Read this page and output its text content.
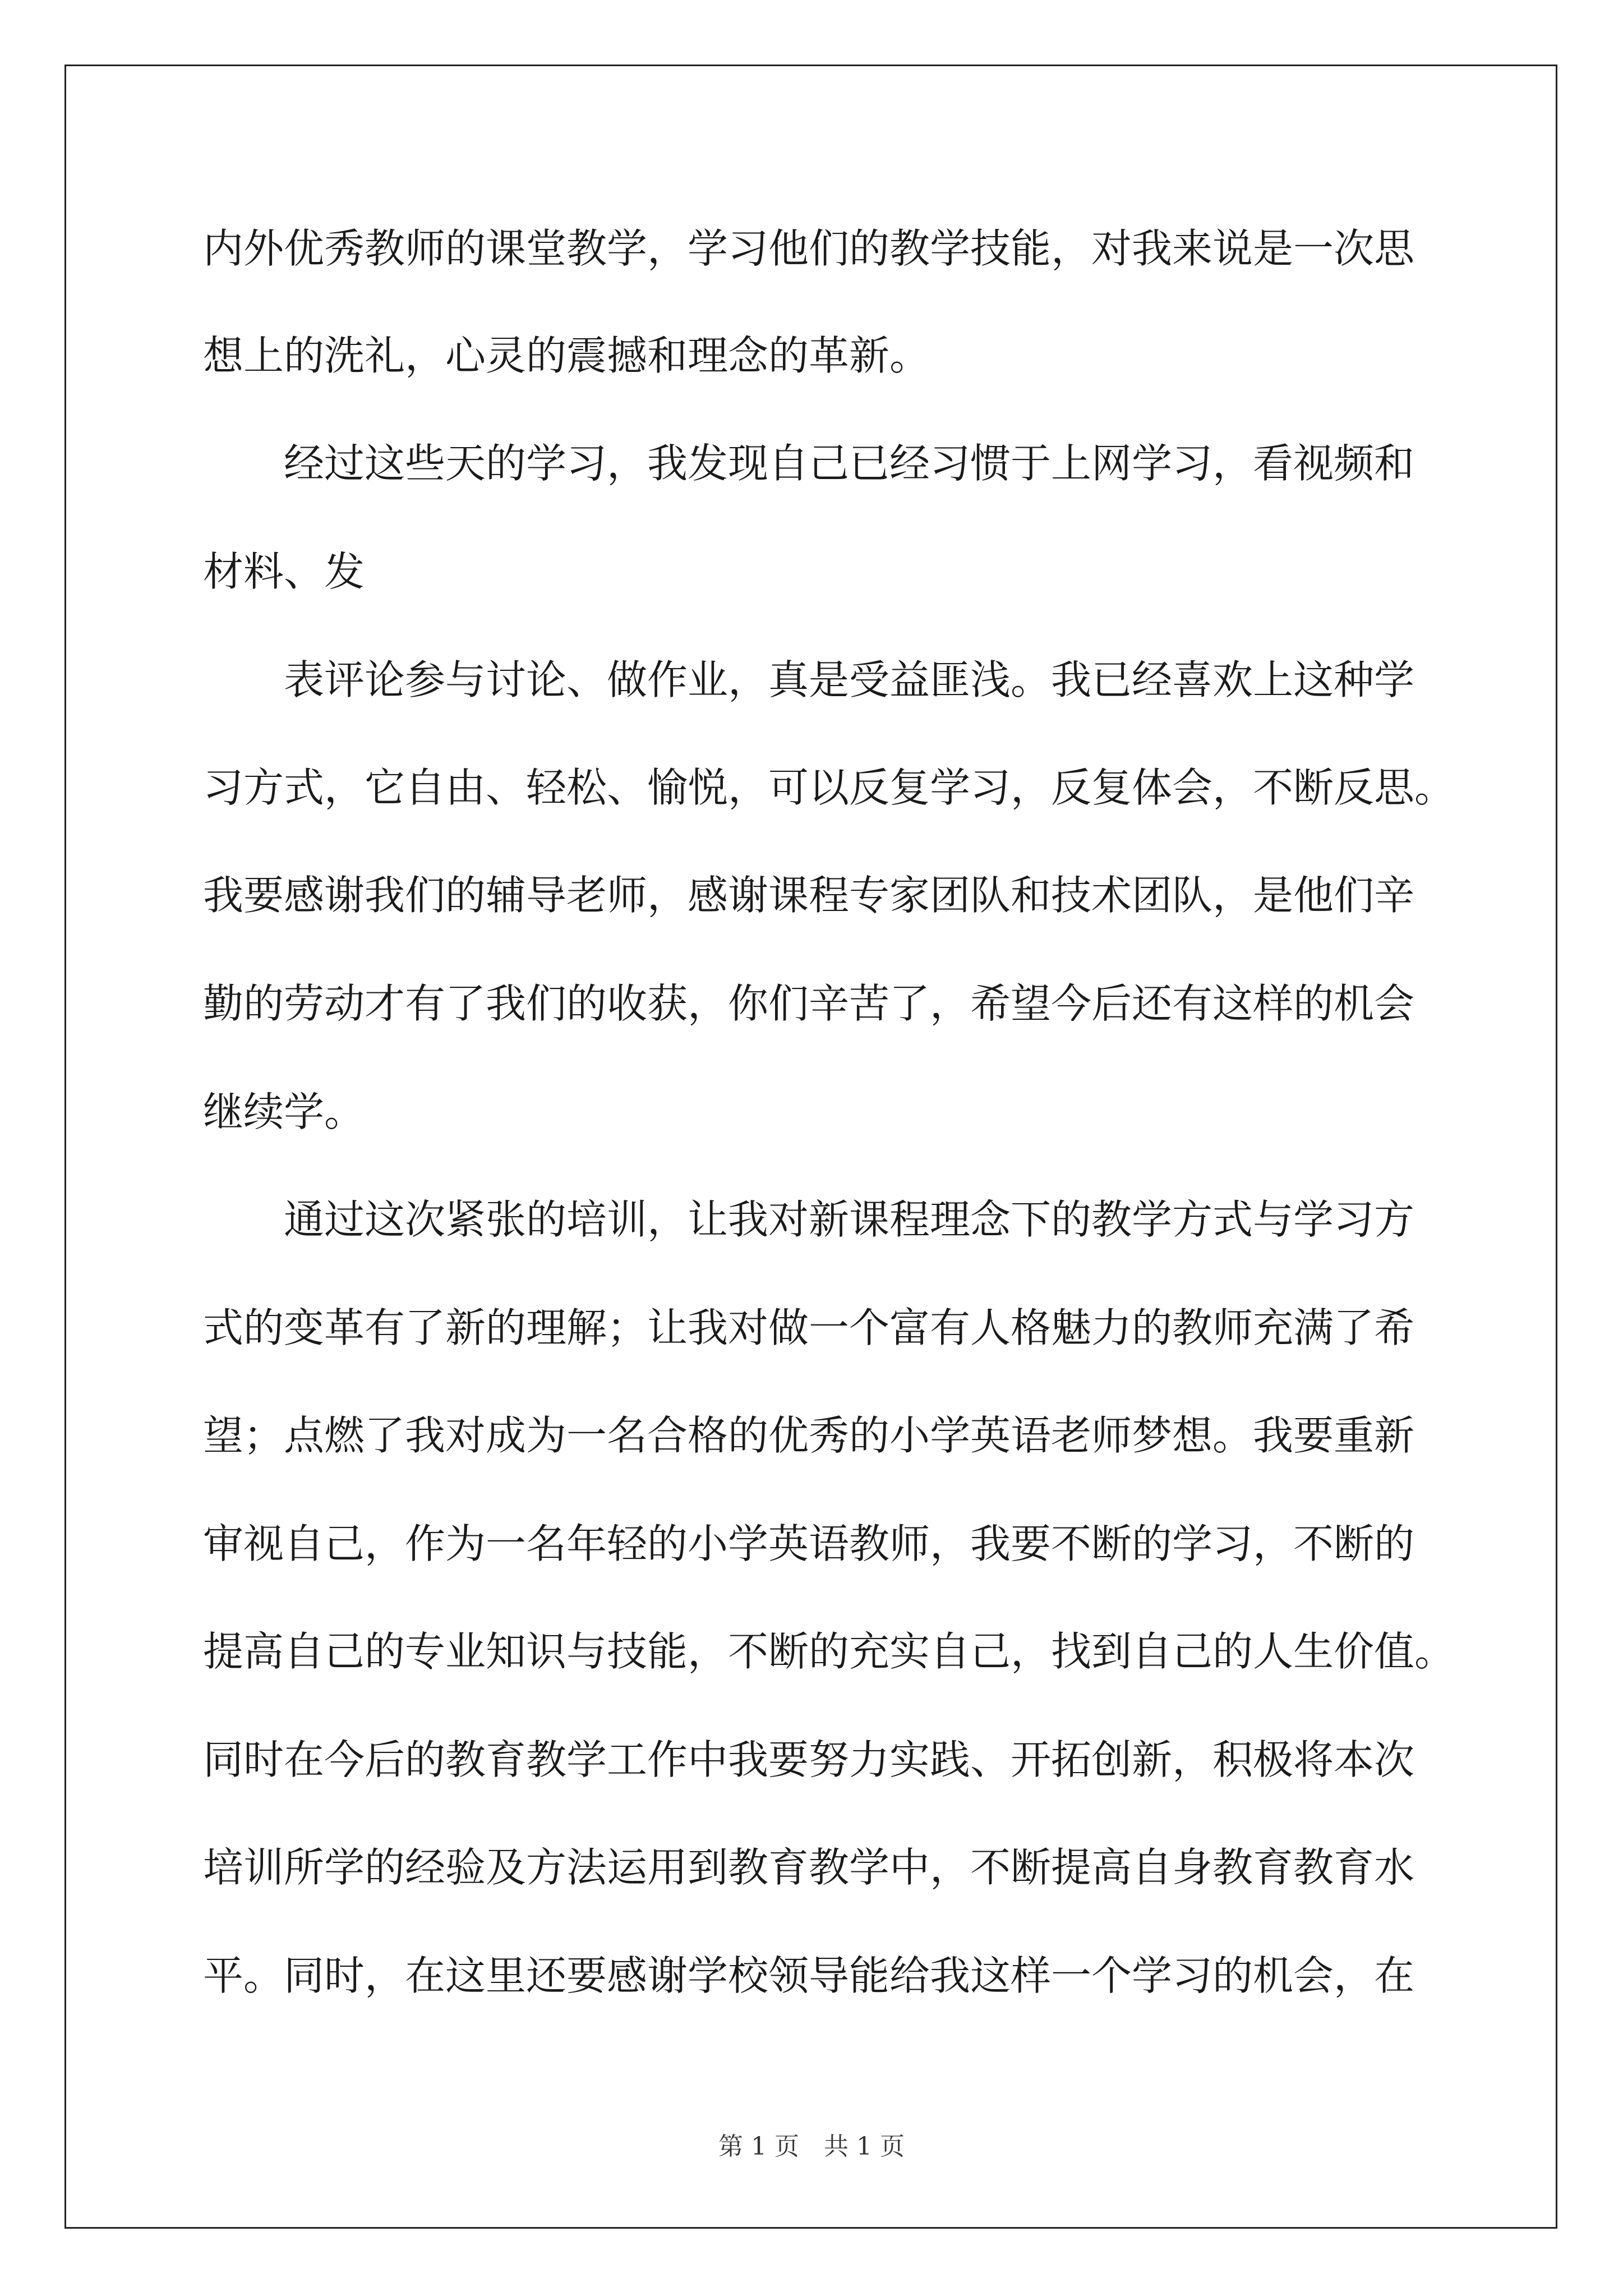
内外优秀教师的课堂教学，学习他们的教学技能，对我来说是一次思
想上的洗礼，心灵的震撼和理念的革新。
经过这些天的学习，我发现自己已经习惯于上网学习，看视频和
材料、发
表评论参与讨论、做作业，真是受益匪浅。我已经喜欢上这种学
习方式，它自由、轻松、愉悦，可以反复学习，反复体会，不断反思。
我要感谢我们的辅导老师，感谢课程专家团队和技术团队，是他们辛
勤的劳动才有了我们的收获，你们辛苦了，希望今后还有这样的机会
继续学。
通过这次紧张的培训，让我对新课程理念下的教学方式与学习方
式的变革有了新的理解；让我对做一个富有人格魅力的教师充满了希
望；点燃了我对成为一名合格的优秀的小学英语老师梦想。我要重新
审视自己，作为一名年轻的小学英语教师，我要不断的学习，不断的
提高自己的专业知识与技能，不断的充实自己，找到自己的人生价值。
同时在今后的教育教学工作中我要努力实践、开拓创新，积极将本次
培训所学的经验及方法运用到教育教学中，不断提高自身教育教育水
平。同时，在这里还要感谢学校领导能给我这样一个学习的机会，在
第 1 页　共 1 页
